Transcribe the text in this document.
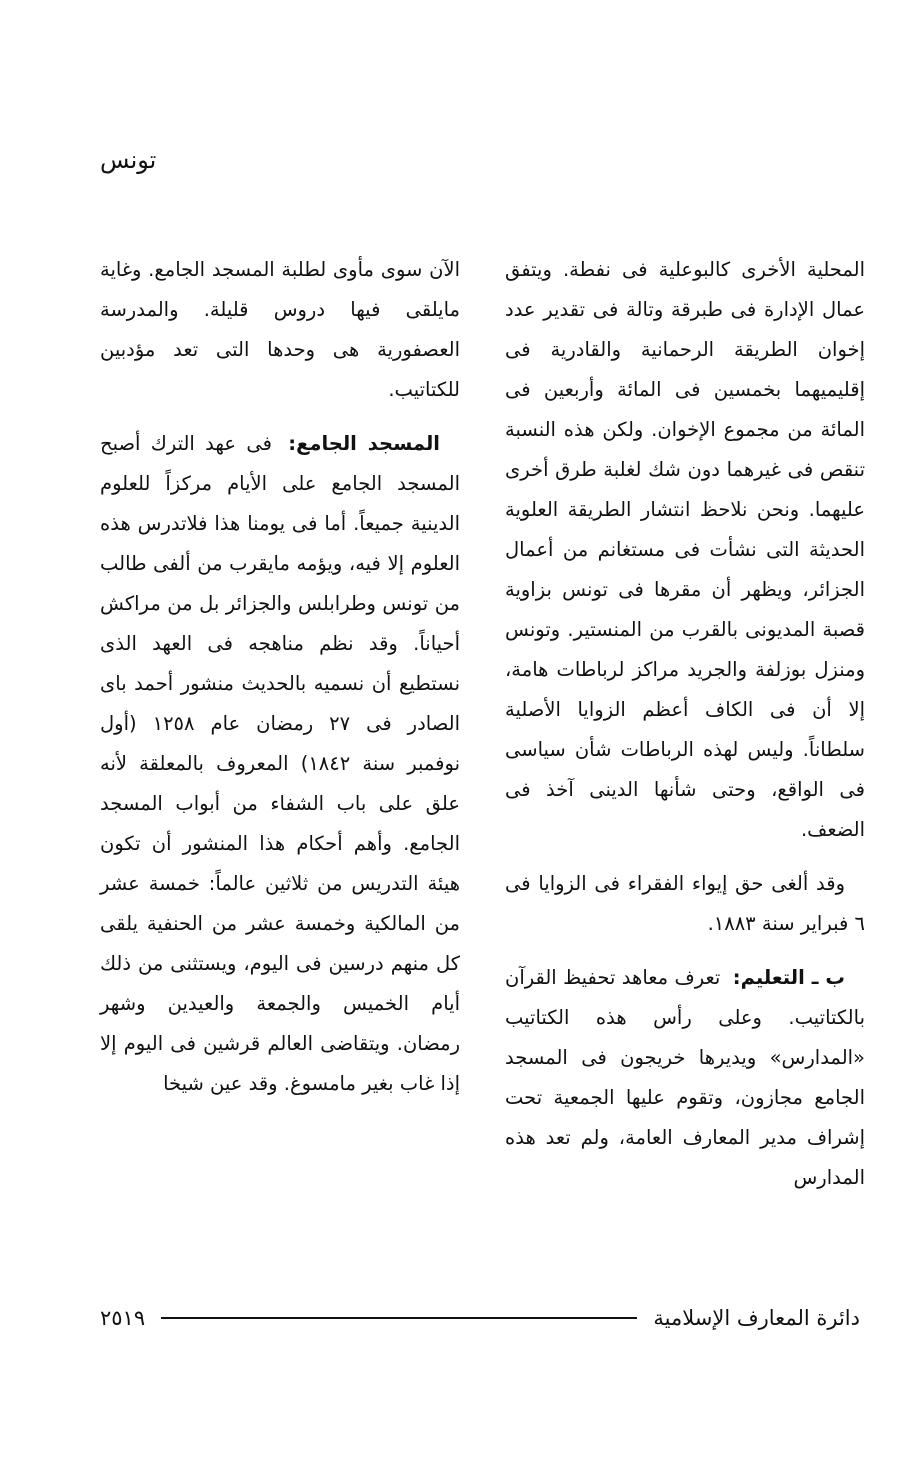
تونس

المحلية الأخرى كالبوعلية فى نفطة. ويتفق عمال الإدارة فى طبرقة وتالة فى تقدير عدد إخوان الطريقة الرحمانية والقادرية فى إقليميهما بخمسين فى المائة وأربعين فى المائة من مجموع الإخوان. ولكن هذه النسبة تنقص فى غيرهما دون شك لغلبة طرق أخرى عليهما. ونحن نلاحظ انتشار الطريقة العلوية الحديثة التى نشأت فى مستغانم من أعمال الجزائر، ويظهر أن مقرها فى تونس بزاوية قصبة المديونى بالقرب من المنستير. وتونس ومنزل بوزلفة والجريد مراكز لرباطات هامة، إلا أن فى الكاف أعظم الزوايا الأصلية سلطاناً. وليس لهذه الرباطات شأن سياسى فى الواقع، وحتى شأنها الدينى آخذ فى الضعف.

وقد ألغى حق إيواء الفقراء فى الزوايا فى ٦ فبراير سنة ١٨٨٣.

ب ـ التعليم: تعرف معاهد تحفيظ القرآن بالكتاتيب. وعلى رأس هذه الكتاتيب «المدارس» ويديرها خريجون فى المسجد الجامع مجازون، وتقوم عليها الجمعية تحت إشراف مدير المعارف العامة، ولم تعد هذه المدارس

الآن سوى مأوى لطلبة المسجد الجامع. وغاية مايلقى فيها دروس قليلة. والمدرسة العصفورية هى وحدها التى تعد مؤدبين للكتاتيب.

المسجد الجامع: فى عهد الترك أصبح المسجد الجامع على الأيام مركزاً للعلوم الدينية جميعاً. أما فى يومنا هذا فلاتدرس هذه العلوم إلا فيه، ويؤمه مايقرب من ألفى طالب من تونس وطرابلس والجزائر بل من مراكش أحياناً. وقد نظم مناهجه فى العهد الذى نستطيع أن نسميه بالحديث منشور أحمد باى الصادر فى ٢٧ رمضان عام ١٢٥٨ (أول نوفمبر سنة ١٨٤٢) المعروف بالمعلقة لأنه علق على باب الشفاء من أبواب المسجد الجامع. وأهم أحكام هذا المنشور أن تكون هيئة التدريس من ثلاثين عالماً: خمسة عشر من المالكية وخمسة عشر من الحنفية يلقى كل منهم درسين فى اليوم، ويستثنى من ذلك أيام الخميس والجمعة والعيدين وشهر رمضان. ويتقاضى العالم قرشين فى اليوم إلا إذا غاب بغير مامسوغ. وقد عين شيخا

دائرة المعارف الإسلامية
٢٥١٩
